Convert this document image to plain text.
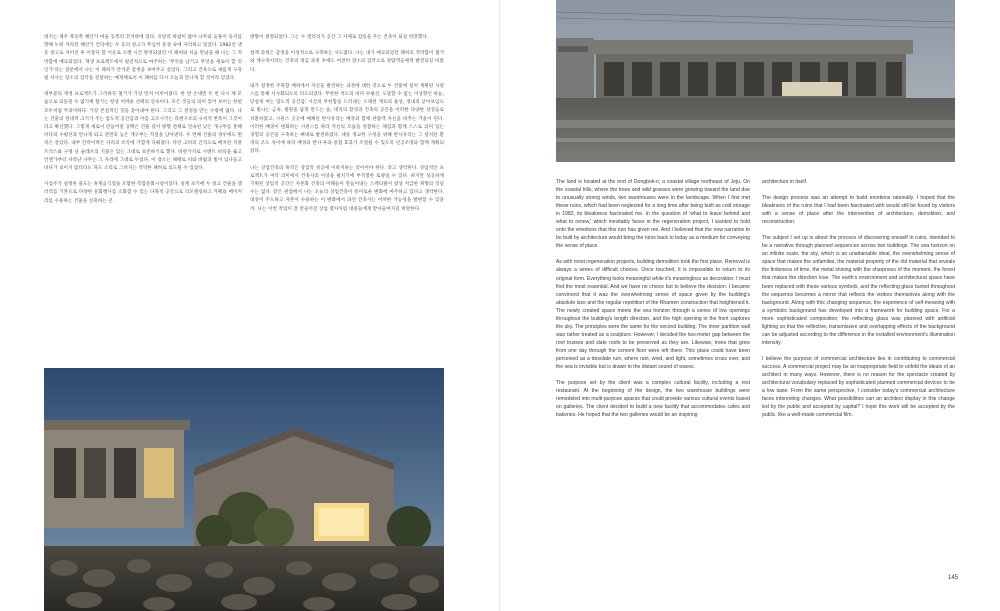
대지는 제주 북동쪽 해안가 마을 동복리 끝자락에 있다. 유달리 바람이 많아 나무와 들풀이 독지를 향해 누워 자라던 해안가 언덕에는 두 동의 창고가 무심히 풍경 속에 자리하고 있었다. 1982년 냉동 창고로 지어진 후 이렇다 할 이유로 오랜 시간 방치되었던 이 폐허와 처음 만났을 때 나는 그 적막함에 매료되었다. 재생 프로젝트에서 필연적으로 마주하는 '무엇을 남기고 무엇을 새로이 할 것인가'라는 질문에서 나는 이 폐허가 안겨준 감정을 보여주고 싶었다. 그리고 건축으로 새롭게 구축될 서사는 장소의 감각을 전달하는 매개체로서 이 폐허를 다시 오늘과 만나게 할 것이라 믿었다.

대부분의 재생 프로젝트가 그러하듯 철거가 가장 먼저 이루어졌다. 한 번 손대면 두 번 다시 제 모습으로 되돌릴 수 없기에 철거는 항상 어려운 선택의 연속이다. 모든 것들의 의미 있어 보이는 한편 모두처럼 무의미하다. 가장 본질적인 것을 찾아내야 한다. 그리고 그 결정을 만는 수밖에 없다. 나는 건물의 절대적 크기가 주는 압도적 공간감과 이를 고조시키는 라멘구조의 규칙적 반복이 그것이라고 확신했다. 그렇게 새로이 만들어질 공백은 건물 길이 방향 전체로 연속된 낮은 개구부를 통해 바다의 수평선과 만나게 되고 전면의 높은 개구부는 적설을 남아낸다. 두 번째 건물의 경우에도 원칙은 같았다. 내부 칸막이벽은 자리의 조각에 가깝게 다뤄졌다. 다만 고비의 간격으로 배치된 지붕 트러스와 구멍 난 슬래브의 지붕은 있는 그대로 보존하기로 했다. 바란가지로 시멘트 바닥을 뚫고 언젠가부터 자라난 나무는 그 자리에 그대로 두었다. 이 장소는 때때로 비와 바람과 빛이 넘나들고 바다가 보이지 않더라도 파도 소리로 그려지는 적막한 폐허로 의도될 수 있었다.

시업주가 설정한 용도는 휴게음식점을 포함한 복합문화시설이었다. 설계 초기에 두 창고 건물을 갤러리를 기본으로 다양한 문화행사를 소화할 수 있는 다목적 공간으로 리모델링하고 카페와 베이커리를 수용하는 건물을 신축하는 큰

방향이 결정되었다. 그는 두 갤러리가 공간 그 자체로 감동을 주는 건축이 되길 희망했다.

설계 과정은 감정을 이성적으로 구축하는 시도였다. 나는 내가 매료되었던 폐허의 적막함이 철거와 재구축이라는 건축의 개입 과정 후에도 여전히 장소의 감각으로 관람객들에게 발견되길 바랐다.

내가 설정한 주목할 배위에서 자신을 발견하는 과정에 대한 것으로 두 건물에 걸쳐 계획된 시퀀스를 통해 서사화되도록 의도되었다. 무한한 척도의 바다 수평선, 도달할 수 없는 이상향인 하늘, 닫설게 여는 압도적 공간감, 시간의 무한함을 드러내는 오래된 재료의 물성, 정내의 낮아보임으로 빛나는 금속, 빛원을 담게 만드는 숲, 대지의 환경과 건축의 공간을 이러한 다양한 상징들로 치환하였고, 시퀀스 곳곳에 메체된 반사유리는 배경과 함께 관람객 자신을 비추는 거울이 된다. 이러한 배경이 변화하는 시퀀스를 따라 자신의 모습을 성찰하는 체검과 함께 스스로 의미 있는 경험의 공간을 구축하는 뻐대로 발전하였다. 대둥 정교한 구성을 위해 반사유리는 그 설치된 환경의 조도 차이에 따라 배경의 반사·투과·중첩 효과가 조절될 수 있도록 인공조명과 함께 계획되었다.

나는 상업건축의 목적은 상업적 성공에 이바지하는 것이어야 한다. 라고 생각한다. 상업적인 프로젝트가 여러 의미에서 건축사의 이상을 펼치기에 부적절한 토양일 수 있다. 하지만 성공하게 기획된 상업적 공간은 자본화 건축의 이해들이 만들어내는 스펙터클이 항상 저급한 취향의 것일 수는 없다. 같은 관점에서 나는 오늘의 상업건축이 흥미로운 변화에 마주하고 있다고 생각한다. 대중이 주도하고 자본이 수용하는 이 변화에서 과연 건축사는 어떠한 가능성을 발현할 수 있을까. 나는 이번 작업이 잘 만들어진 상업 열차처럼 대중들에게 받아들여지길 희망한다.

The land is located at the end of Dongbok-ri, a coastal village northeast of Jeju. On the coastal hills, where the trees and wild grasses were growing toward the land due to unusually strong winds, two warehouses were in the landscape. When I first met these ruins, which had been neglected for a long time after being built as cold storage in 1982, its bleakness fascinated me. In the question of 'what to leave behind and what to renew,' which inevitably faces in the regeneration project, I wanted to hold onto the emotions that this ruin has given me. And I believed that the new narrative to be built by architecture would bring the ruins back to today as a medium for conveying the sense of place.

As with most regeneration projects, building demolition took the first place. Removal is always a series of difficult choices. Once touched, it is impossible to return to its original form. Everything looks meaningful while it's meaningless as decoration. I must find the most essential. And we have no choice but to believe the decision. I became convinced that it was the overwhelming sense of space given by the building's absolute size and the regular repetition of the Rhamen construction that heightened it. The newly created space meets the sea horizon through a series of low openings throughout the building's length direction, and the high opening in the front captures the sky. The principles were the same for the second building. The inner partition wall was rather treated as a sculpture. However, I decided the two-meter gap between the roof trusses and slate roofs to be preserved as they are. Likewise, trees that grew from one day through the cement floor were left there. This place could have been perceived as a desolate ruin, where rain, wind, and light, sometimes cross over, and the sea is invisible but is drawn to the distant sound of waves.

The purpose set by the client was a complex cultural facility, including a rest restaurant. At the beginning of the design, the two warehouse buildings were remodeled into multi-purpose spaces that could provide various cultural events based on galleries. The client decided to build a new facility that accommodates cafes and bakeries. He hoped that the two galleries would be an inspiring

architecture in itself.

The design process was an attempt to build emotions rationally. I hoped that the bleakness of the ruins that I had been fascinated with would still be found by visitors with a sense of place after the intervention of architecture, demolition, and reconstruction.

The subject I set up is about the process of discovering oneself in ruins, intended to be a narrative through planned sequences across two buildings. The sea horizon on an infinite scale, the sky, which is an unattainable ideal, the overwhelming sense of space that makes the unfamiliar, the material property of the old material that reveals the finiteness of time, the metal shining with the sharpness of the moment, the forest that makes the direction lose. The earth's environment and architectural space have been replaced with these various symbols, and the reflecting glass buried throughout the sequence becomes a mirror that reflects the visitors themselves along with the background. Along with this changing sequence, the experience of self-meaning with a symbolic background has developed into a framework for building space. For a more sophisticated composition, the reflecting glass was planned with artificial lighting so that the reflective, transmissive and overlapping effects of the background can be adjusted according to the difference in the installed environment's illumination intensity.

I believe the purpose of commercial architecture lies in contributing to commercial success. A commercial project may be an inappropriate field to unfold the ideals of an architect in many ways. However, there is no reason for the spectacle created by architectural vocabulary replaced by sophisticated planned commercial devices to be a low taste. From the same perspective, I consider today's commercial architecture faces interesting changes. What possibilities can an architect display in this change led by the public and accepted by capital? I hope this work will be accepted by the public, like a well-made commercial film.

145
